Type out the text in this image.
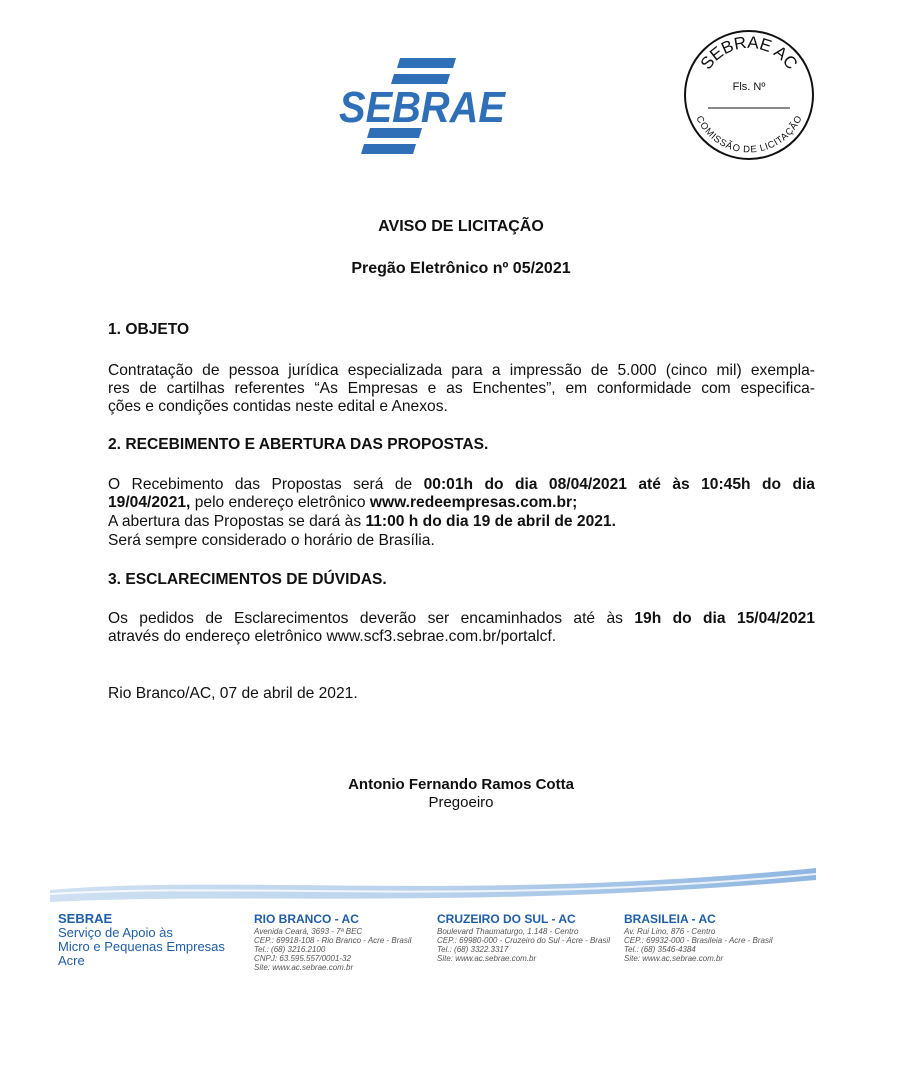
SEBRAE
SEBRAE AC
Fls. Nº
COMISSÃO DE LICITAÇÃO
AVISO DE LICITAÇÃO
Pregão Eletrônico nº 05/2021
1. OBJETO
Contratação de pessoa jurídica especializada para a impressão de 5.000 (cinco mil) exempla-
res de cartilhas referentes “As Empresas e as Enchentes”, em conformidade com especifica-
ções e condições contidas neste edital e Anexos.
2. RECEBIMENTO E ABERTURA DAS PROPOSTAS.
O Recebimento das Propostas será de 00:01h do dia 08/04/2021 até às 10:45h do dia
19/04/2021, pelo endereço eletrônico www.redeempresas.com.br;
A abertura das Propostas se dará às 11:00 h do dia 19 de abril de 2021.
Será sempre considerado o horário de Brasília.
3. ESCLARECIMENTOS DE DÚVIDAS.
Os pedidos de Esclarecimentos deverão ser encaminhados até às 19h do dia 15/04/2021
através do endereço eletrônico www.scf3.sebrae.com.br/portalcf.
Rio Branco/AC, 07 de abril de 2021.
Antonio Fernando Ramos Cotta
Pregoeiro
SEBRAE
Serviço de Apoio às
Micro e Pequenas Empresas
Acre
RIO BRANCO - AC
Avenida Ceará, 3693 - 7ª BEC
CEP.: 69918-108 - Rio Branco - Acre - Brasil
Tel.: (68) 3216.2100
CNPJ: 63.595.557/0001-32
Site: www.ac.sebrae.com.br
CRUZEIRO DO SUL - AC
Boulevard Thaumaturgo, 1.148 - Centro
CEP.: 69980-000 - Cruzeiro do Sul - Acre - Brasil
Tel.: (68) 3322.3317
Site: www.ac.sebrae.com.br
BRASILEIA - AC
Av. Rui Lino, 876 - Centro
CEP.: 69932-000 - Brasileia - Acre - Brasil
Tel.: (68) 3546-4384
Site: www.ac.sebrae.com.br
